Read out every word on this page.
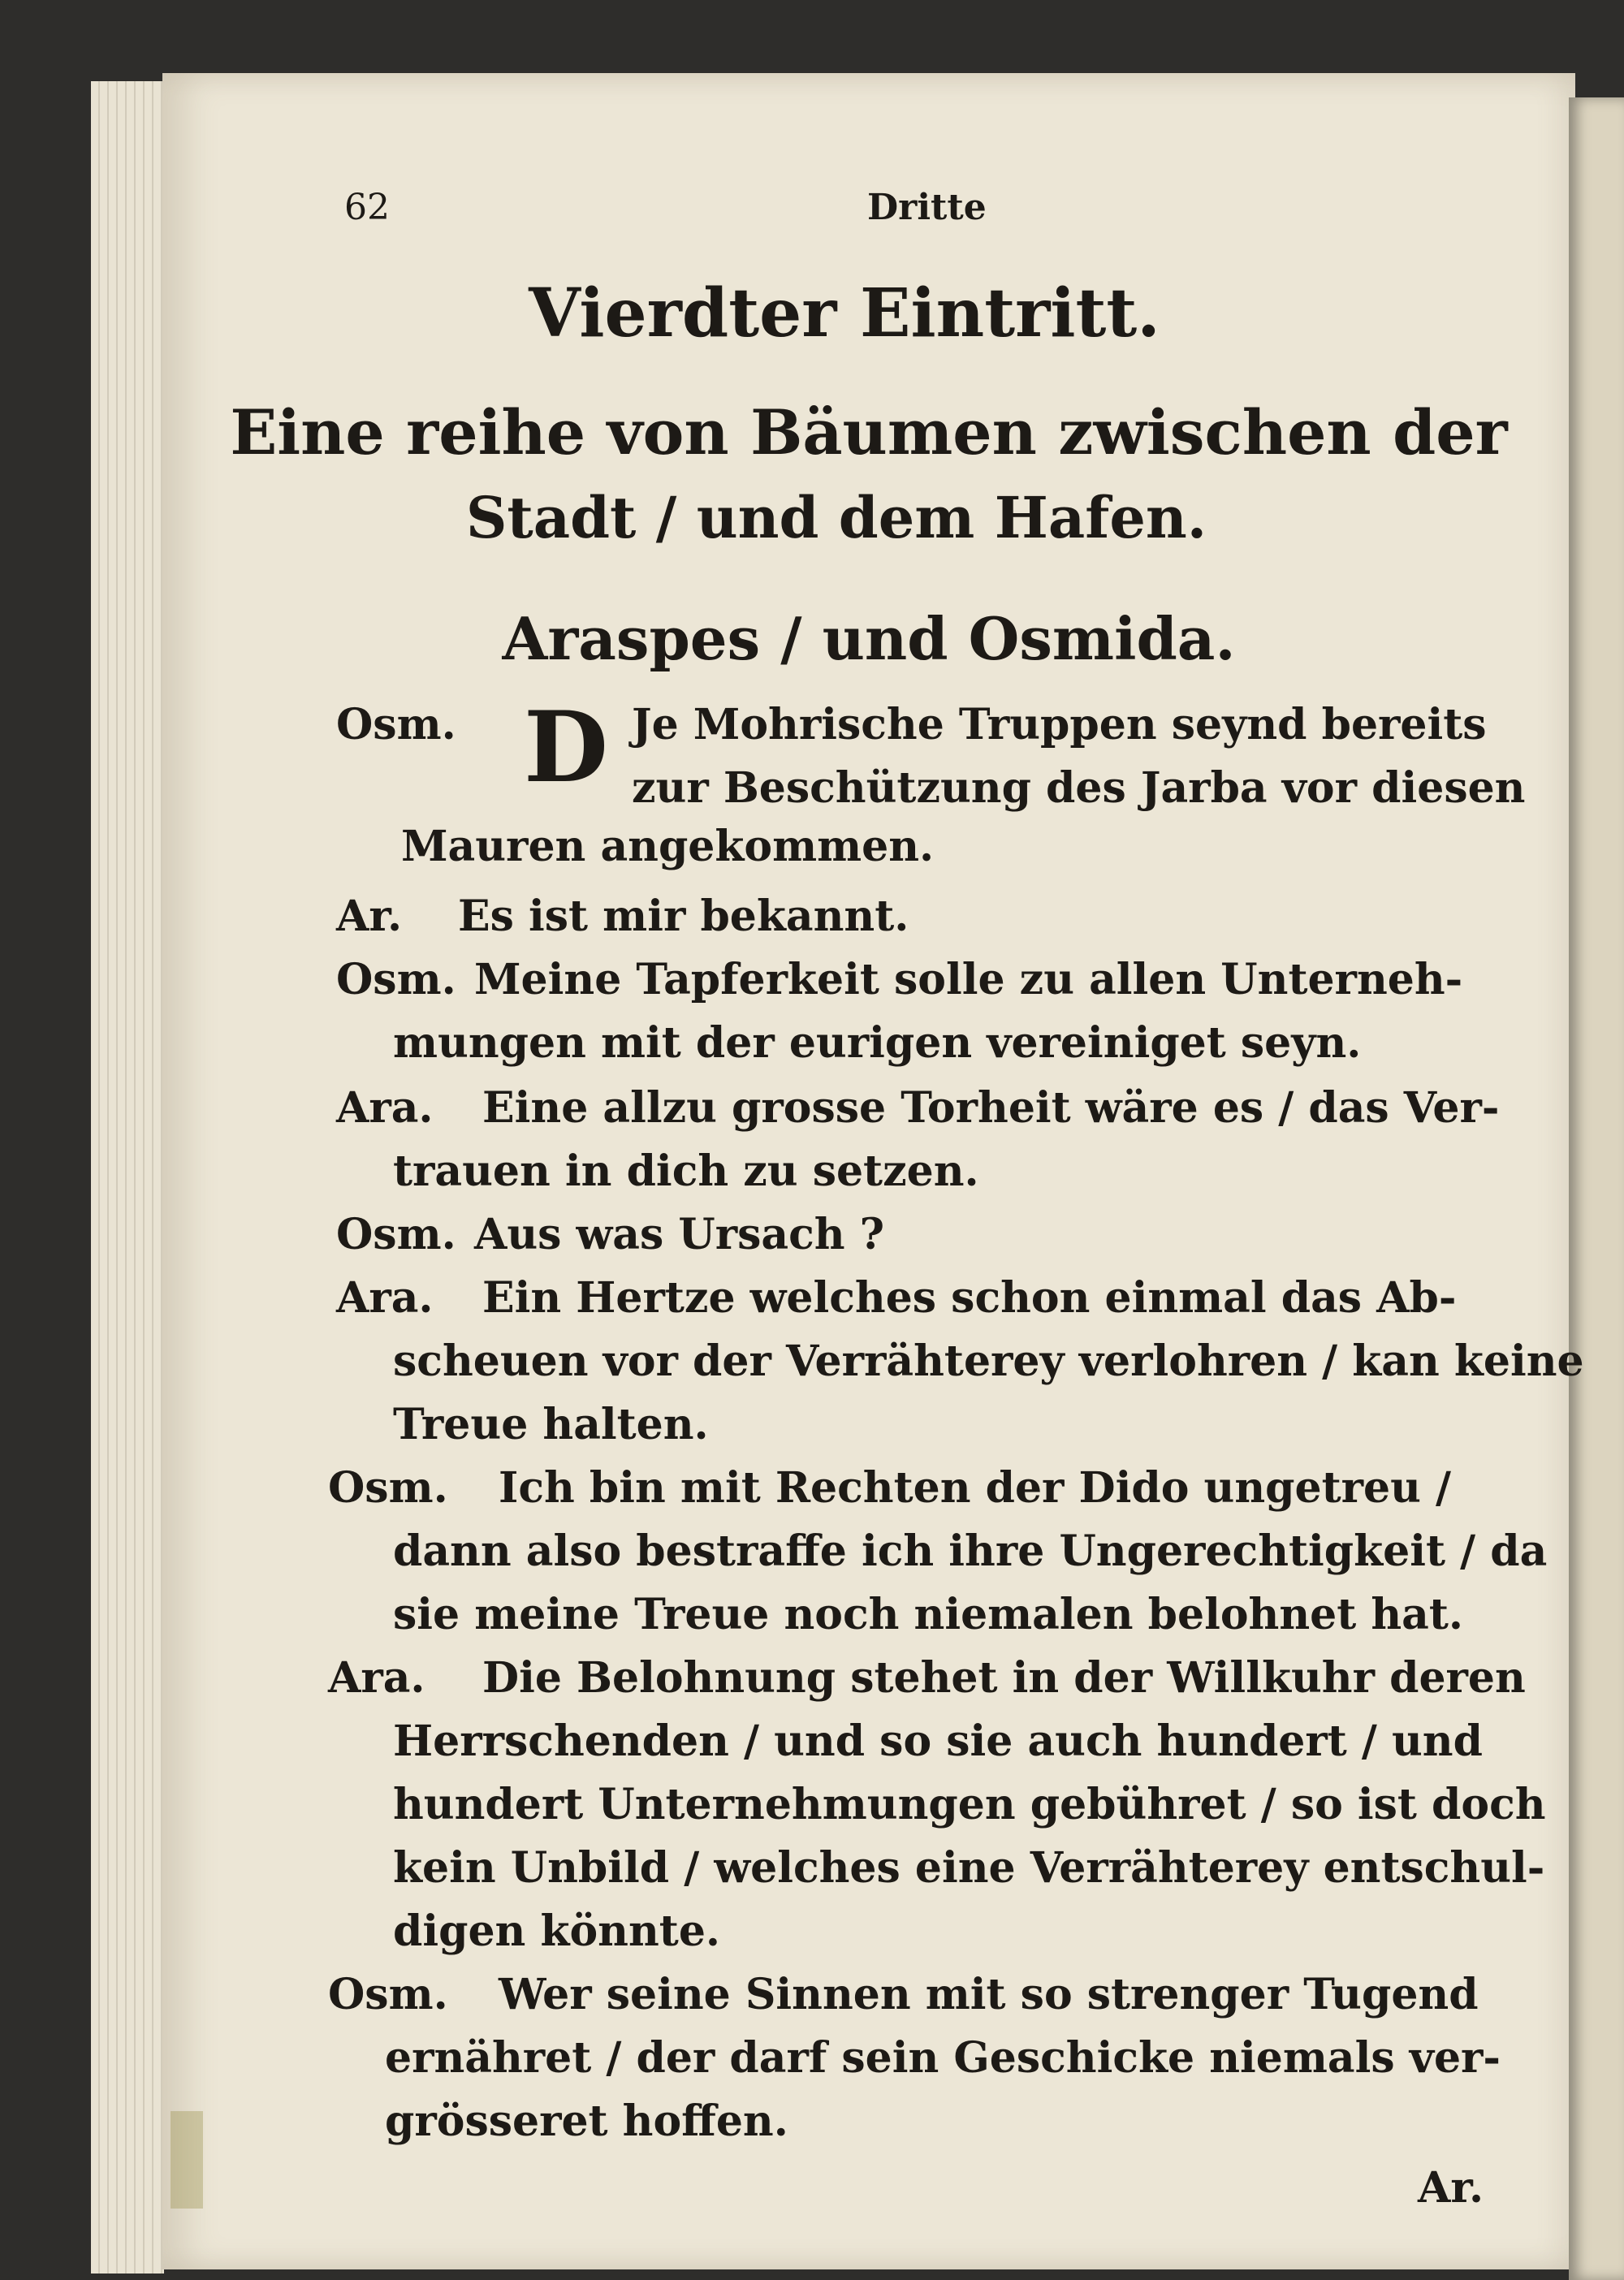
62	Dritte
Vierdter Eintritt.
Eine reihe von Bäumen zwischen der
Stadt / und dem Hafen.
Araspes / und Osmida.
Osm. D Je Mohrische Truppen seynd bereits
zur Beschützung des Jarba vor diesen
Mauren angekommen.
Ar. Es ist mir bekannt.
Osm. Meine Tapferkeit solle zu allen Unterneh-
mungen mit der eurigen vereiniget seyn.
Ara. Eine allzu grosse Torheit wäre es / das Ver-
trauen in dich zu setzen.
Osm. Aus was Ursach ?
Ara. Ein Hertze welches schon einmal das Ab-
scheuen vor der Verrähterey verlohren / kan keine
Treue halten.
Osm. Ich bin mit Rechten der Dido ungetreu /
dann also bestraffe ich ihre Ungerechtigkeit / da
sie meine Treue noch niemalen belohnet hat.
Ara. Die Belohnung stehet in der Willkuhr deren
Herrschenden / und so sie auch hundert / und
hundert Unternehmungen gebühret / so ist doch
kein Unbild / welches eine Verrähterey entschul-
digen könnte.
Osm. Wer seine Sinnen mit so strenger Tugend
ernähret / der darf sein Geschicke niemals ver-
grösseret hoffen.
Ar.
